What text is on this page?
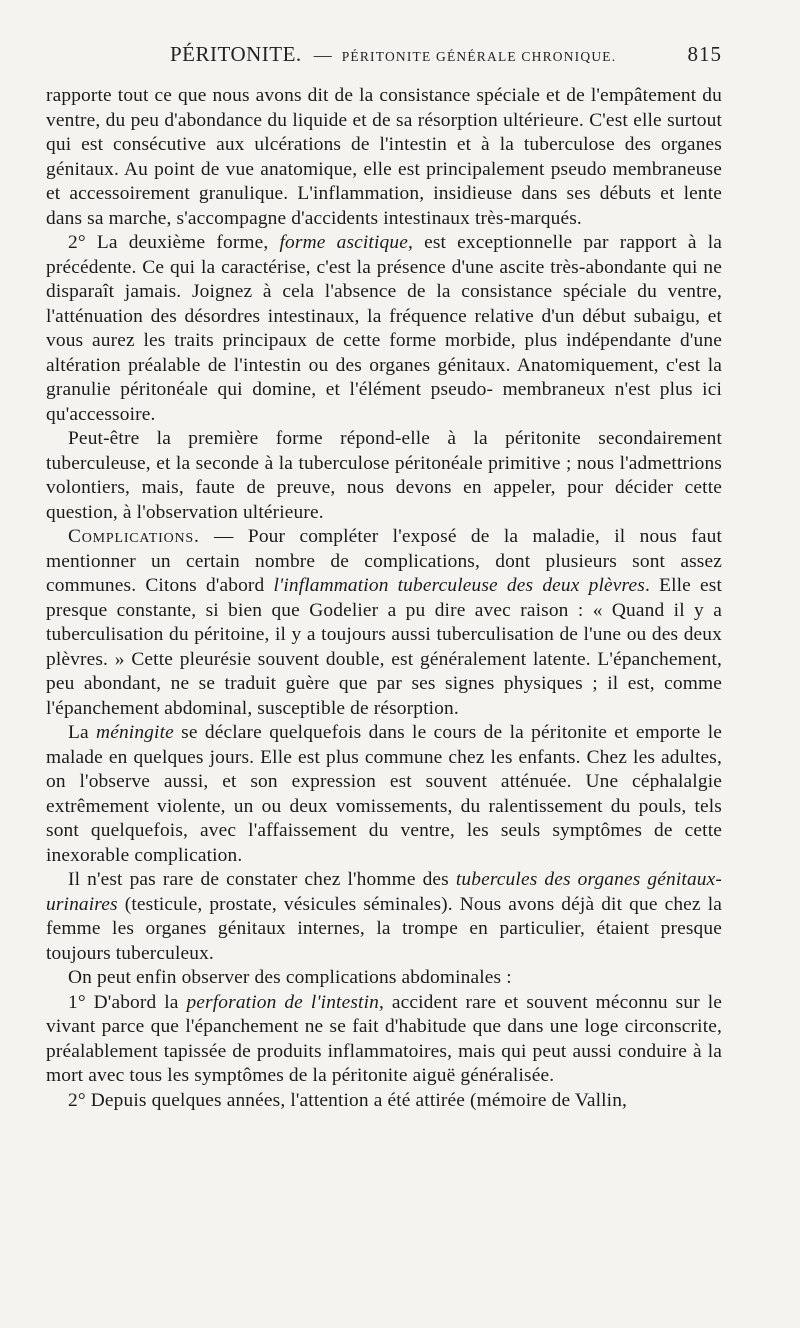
PÉRITONITE. — PÉRITONITE GÉNÉRALE CHRONIQUE.	815

rapporte tout ce que nous avons dit de la consistance spéciale et de l'empâtement du ventre, du peu d'abondance du liquide et de sa résorption ultérieure. C'est elle surtout qui est consécutive aux ulcérations de l'intestin et à la tuberculose des organes génitaux. Au point de vue anatomique, elle est principalement pseudo membraneuse et accessoirement granulique. L'inflammation, insidieuse dans ses débuts et lente dans sa marche, s'accompagne d'accidents intestinaux très-marqués.

2° La deuxième forme, forme ascitique, est exceptionnelle par rapport à la précédente. Ce qui la caractérise, c'est la présence d'une ascite très-abondante qui ne disparaît jamais. Joignez à cela l'absence de la consistance spéciale du ventre, l'atténuation des désordres intestinaux, la fréquence relative d'un début subaigu, et vous aurez les traits principaux de cette forme morbide, plus indépendante d'une altération préalable de l'intestin ou des organes génitaux. Anatomiquement, c'est la granulie péritonéale qui domine, et l'élément pseudo- membraneux n'est plus ici qu'accessoire.

Peut-être la première forme répond-elle à la péritonite secondairement tuberculeuse, et la seconde à la tuberculose péritonéale primitive ; nous l'admettrions volontiers, mais, faute de preuve, nous devons en appeler, pour décider cette question, à l'observation ultérieure.

Complications. — Pour compléter l'exposé de la maladie, il nous faut mentionner un certain nombre de complications, dont plusieurs sont assez communes. Citons d'abord l'inflammation tuberculeuse des deux plèvres. Elle est presque constante, si bien que Godelier a pu dire avec raison : « Quand il y a tuberculisation du péritoine, il y a toujours aussi tuberculisation de l'une ou des deux plèvres. » Cette pleurésie souvent double, est généralement latente. L'épanchement, peu abondant, ne se traduit guère que par ses signes physiques ; il est, comme l'épanchement abdominal, susceptible de résorption.

La méningite se déclare quelquefois dans le cours de la péritonite et emporte le malade en quelques jours. Elle est plus commune chez les enfants. Chez les adultes, on l'observe aussi, et son expression est souvent atténuée. Une céphalalgie extrêmement violente, un ou deux vomissements, du ralentissement du pouls, tels sont quelquefois, avec l'affaissement du ventre, les seuls symptômes de cette inexorable complication.

Il n'est pas rare de constater chez l'homme des tubercules des organes génitaux-urinaires (testicule, prostate, vésicules séminales). Nous avons déjà dit que chez la femme les organes génitaux internes, la trompe en particulier, étaient presque toujours tuberculeux.

On peut enfin observer des complications abdominales :

1° D'abord la perforation de l'intestin, accident rare et souvent méconnu sur le vivant parce que l'épanchement ne se fait d'habitude que dans une loge circonscrite, préalablement tapissée de produits inflammatoires, mais qui peut aussi conduire à la mort avec tous les symptômes de la péritonite aiguë généralisée.

2° Depuis quelques années, l'attention a été attirée (mémoire de Vallin,
